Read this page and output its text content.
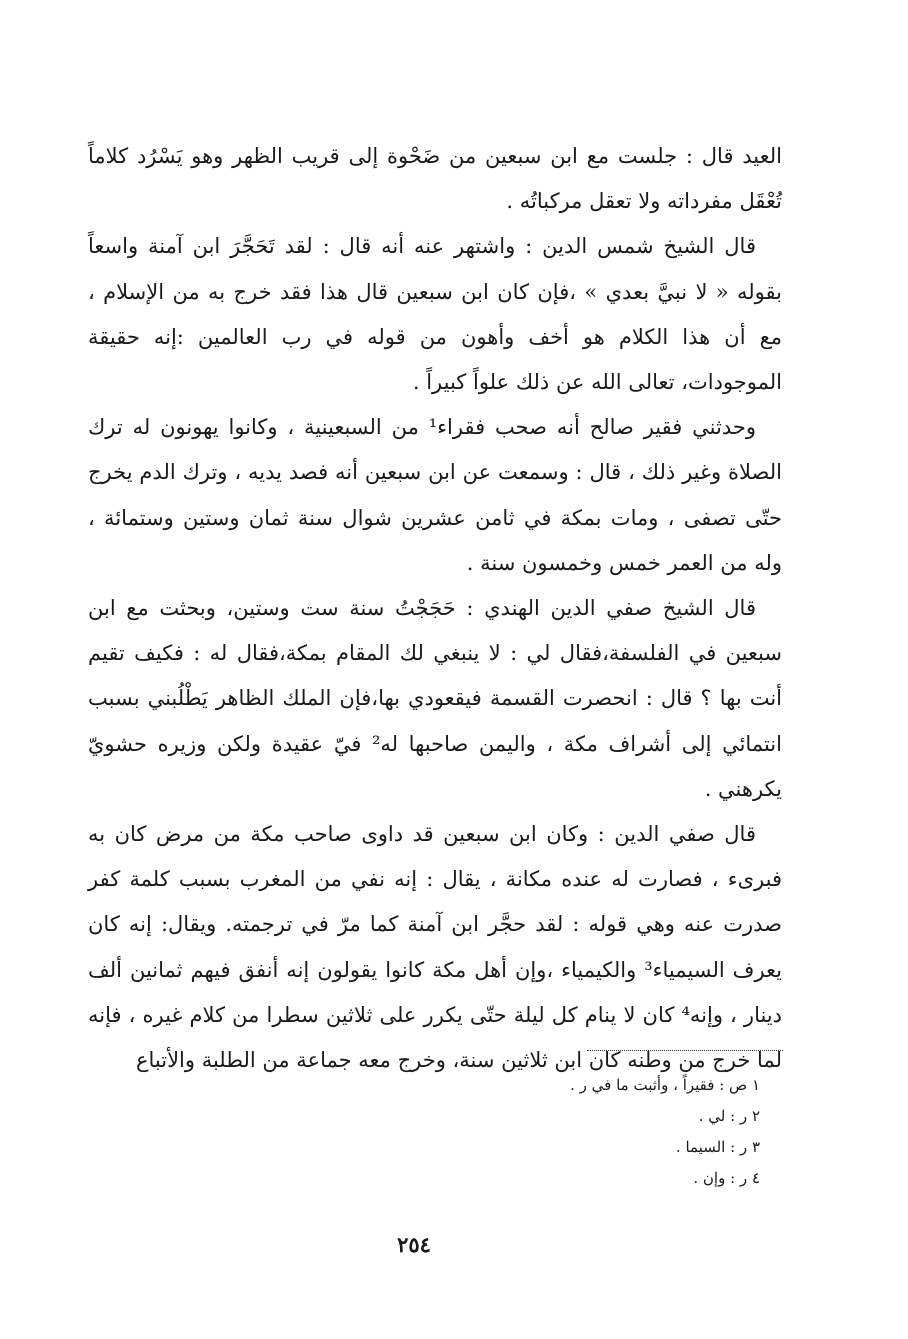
العيد قال : جلست مع ابن سبعين من ضَحْوة إلى قريب الظهر وهو يَسْرُد كلاماً تُعْقَل مفرداته ولا تعقل مركباتُه .

قال الشيخ شمس الدين : واشتهر عنه أنه قال : لقد تَحَجَّرَ ابن آمنة واسعاً بقوله « لا نبيَّ بعدي » ،فإن كان ابن سبعين قال هذا فقد خرج به من الإسلام ، مع أن هذا الكلام هو أخف وأهون من قوله في رب العالمين :إنه حقيقة الموجودات، تعالى الله عن ذلك علواً كبيراً .

وحدثني فقير صالح أنه صحب فقراء¹ من السبعينية ، وكانوا يهونون له ترك الصلاة وغير ذلك ، قال : وسمعت عن ابن سبعين أنه فصد يديه ، وترك الدم يخرج حتّى تصفى ، ومات بمكة في ثامن عشرين شوال سنة ثمان وستين وستمائة ، وله من العمر خمس وخمسون سنة .

قال الشيخ صفي الدين الهندي : حَجَجْتُ سنة ست وستين، وبحثت مع ابن سبعين في الفلسفة،فقال لي : لا ينبغي لك المقام بمكة،فقال له : فكيف تقيم أنت بها ؟ قال : انحصرت القسمة فيقعودي بها،فإن الملك الظاهر يَطْلُبني بسبب انتمائي إلى أشراف مكة ، واليمن صاحبها له² فيّ عقيدة ولكن وزيره حشويّ يكرهني .

قال صفي الدين : وكان ابن سبعين قد داوى صاحب مكة من مرض كان به فبرىء ، فصارت له عنده مكانة ، يقال : إنه نفي من المغرب بسبب كلمة كفر صدرت عنه وهي قوله : لقد حجَّر ابن آمنة كما مرّ في ترجمته. ويقال: إنه كان يعرف السيمياء³ والكيمياء ،وإن أهل مكة كانوا يقولون إنه أنفق فيهم ثمانين ألف دينار ، وإنه⁴ كان لا ينام كل ليلة حتّى يكرر على ثلاثين سطرا من كلام غيره ، فإنه لما خرج من وطنه كان ابن ثلاثين سنة، وخرج معه جماعة من الطلبة والأتباع

١ ص : فقيراً ، وأثبت ما في ر .
٢ ر : لي .
٣ ر : السيما .
٤ ر : وإن .
٢٥٤
